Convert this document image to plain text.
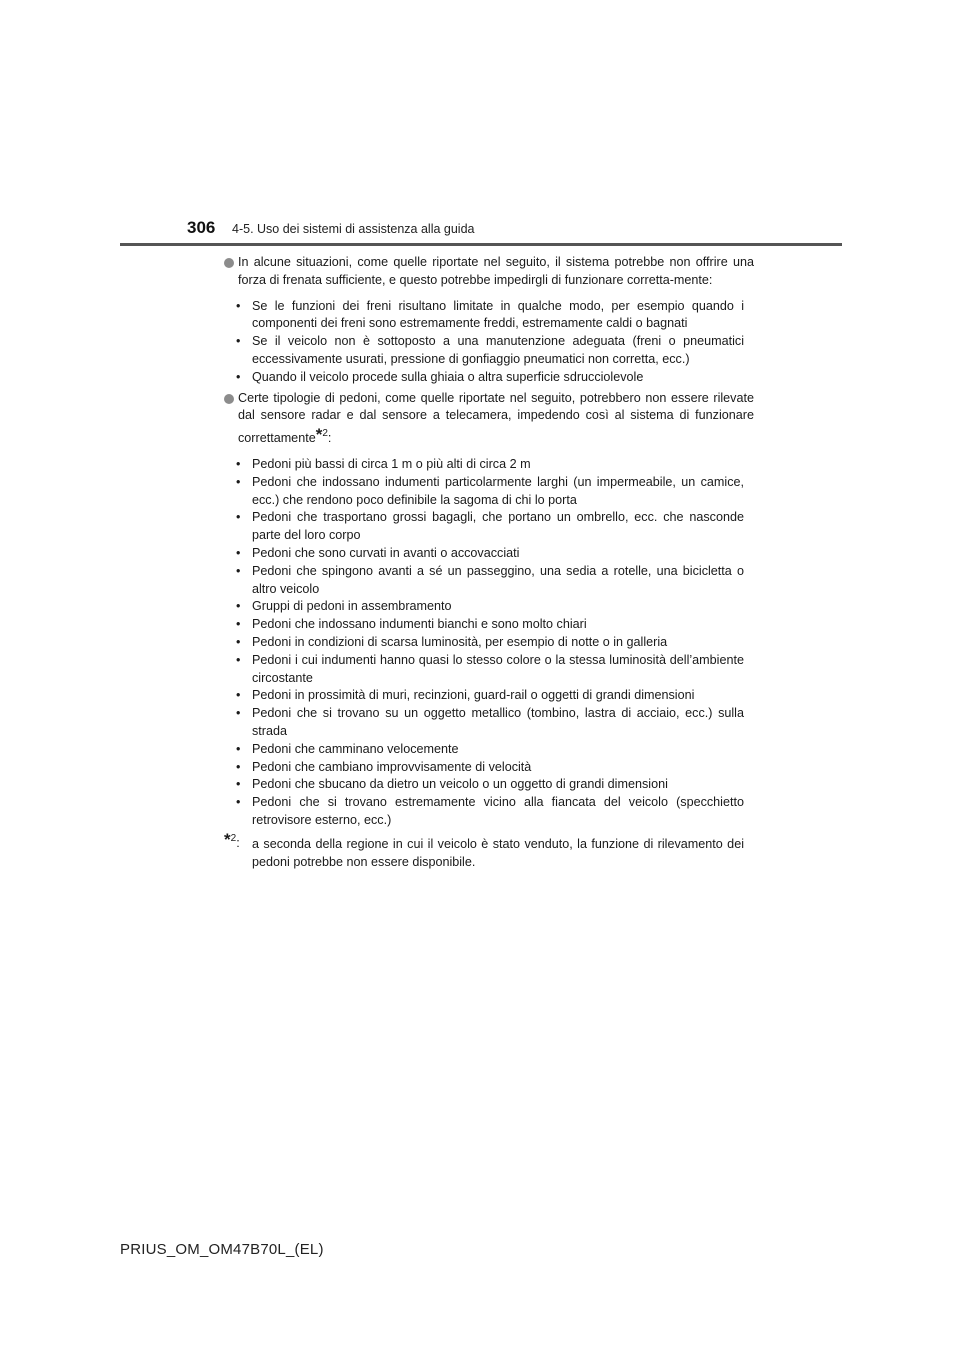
306 4-5. Uso dei sistemi di assistenza alla guida
In alcune situazioni, come quelle riportate nel seguito, il sistema potrebbe non offrire una forza di frenata sufficiente, e questo potrebbe impedirgli di funzionare corretta-mente:
• Se le funzioni dei freni risultano limitate in qualche modo, per esempio quando i componenti dei freni sono estremamente freddi, estremamente caldi o bagnati
• Se il veicolo non è sottoposto a una manutenzione adeguata (freni o pneumatici eccessivamente usurati, pressione di gonfiaggio pneumatici non corretta, ecc.)
• Quando il veicolo procede sulla ghiaia o altra superficie sdrucciolevole
Certe tipologie di pedoni, come quelle riportate nel seguito, potrebbero non essere rilevate dal sensore radar e dal sensore a telecamera, impedendo così al sistema di funzionare correttamente*$^2$:
• Pedoni più bassi di circa 1 m o più alti di circa 2 m
• Pedoni che indossano indumenti particolarmente larghi (un impermeabile, un camice, ecc.) che rendono poco definibile la sagoma di chi lo porta
• Pedoni che trasportano grossi bagagli, che portano un ombrello, ecc. che nasconde parte del loro corpo
• Pedoni che sono curvati in avanti o accovacciati
• Pedoni che spingono avanti a sé un passeggino, una sedia a rotelle, una bicicletta o altro veicolo
• Gruppi di pedoni in assembramento
• Pedoni che indossano indumenti bianchi e sono molto chiari
• Pedoni in condizioni di scarsa luminosità, per esempio di notte o in galleria
• Pedoni i cui indumenti hanno quasi lo stesso colore o la stessa luminosità dell’ambiente circostante
• Pedoni in prossimità di muri, recinzioni, guard-rail o oggetti di grandi dimensioni
• Pedoni che si trovano su un oggetto metallico (tombino, lastra di acciaio, ecc.) sulla strada
• Pedoni che camminano velocemente
• Pedoni che cambiano improvvisamente di velocità
• Pedoni che sbucano da dietro un veicolo o un oggetto di grandi dimensioni
• Pedoni che si trovano estremamente vicino alla fiancata del veicolo (specchietto retrovisore esterno, ecc.)
*$^2$: a seconda della regione in cui il veicolo è stato venduto, la funzione di rilevamento dei pedoni potrebbe non essere disponibile.
PRIUS_OM_OM47B70L_(EL)
